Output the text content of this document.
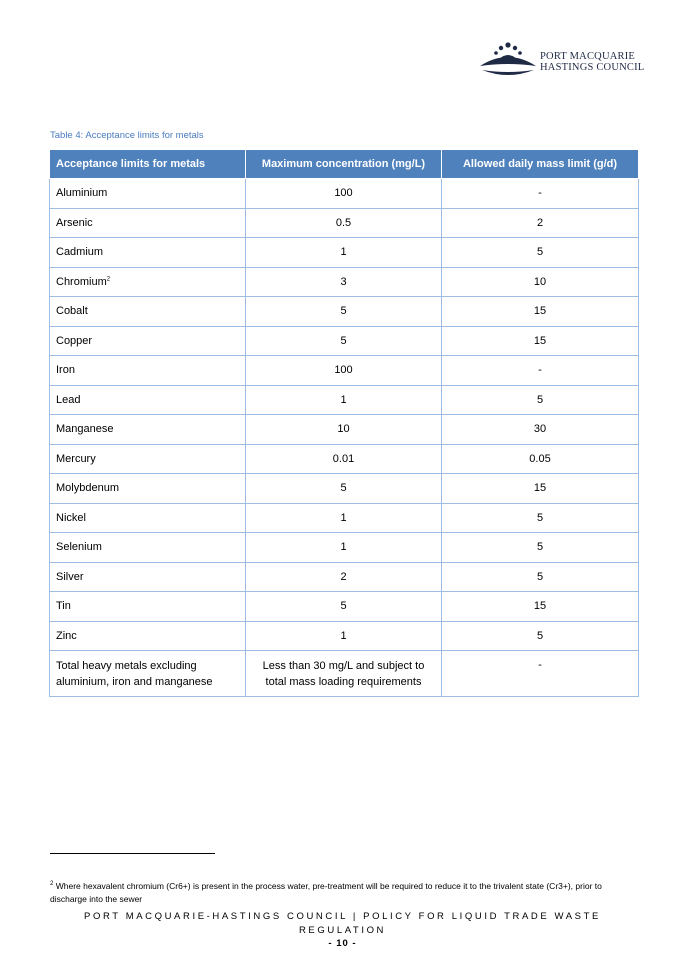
PORT MACQUARIE
HASTINGS COUNCIL
Table 4: Acceptance limits for metals
Acceptance limits for metals	Maximum concentration (mg/L)	Allowed daily mass limit (g/d)
Aluminium	100	-
Arsenic	0.5	2
Cadmium	1	5
Chromium$^2$	3	10
Cobalt	5	15
Copper	5	15
Iron	100	-
Lead	1	5
Manganese	10	30
Mercury	0.01	0.05
Molybdenum	5	15
Nickel	1	5
Selenium	1	5
Silver	2	5
Tin	5	15
Zinc	1	5
Total heavy metals excluding aluminium, iron and manganese	Less than 30 mg/L and subject to total mass loading requirements	-
$^2$ Where hexavalent chromium (Cr6+) is present in the process water, pre-treatment will be required to reduce it to the trivalent state (Cr3+), prior to discharge into the sewer
PORT MACQUARIE-HASTINGS COUNCIL | POLICY FOR LIQUID TRADE WASTE REGULATION
- 10 -
